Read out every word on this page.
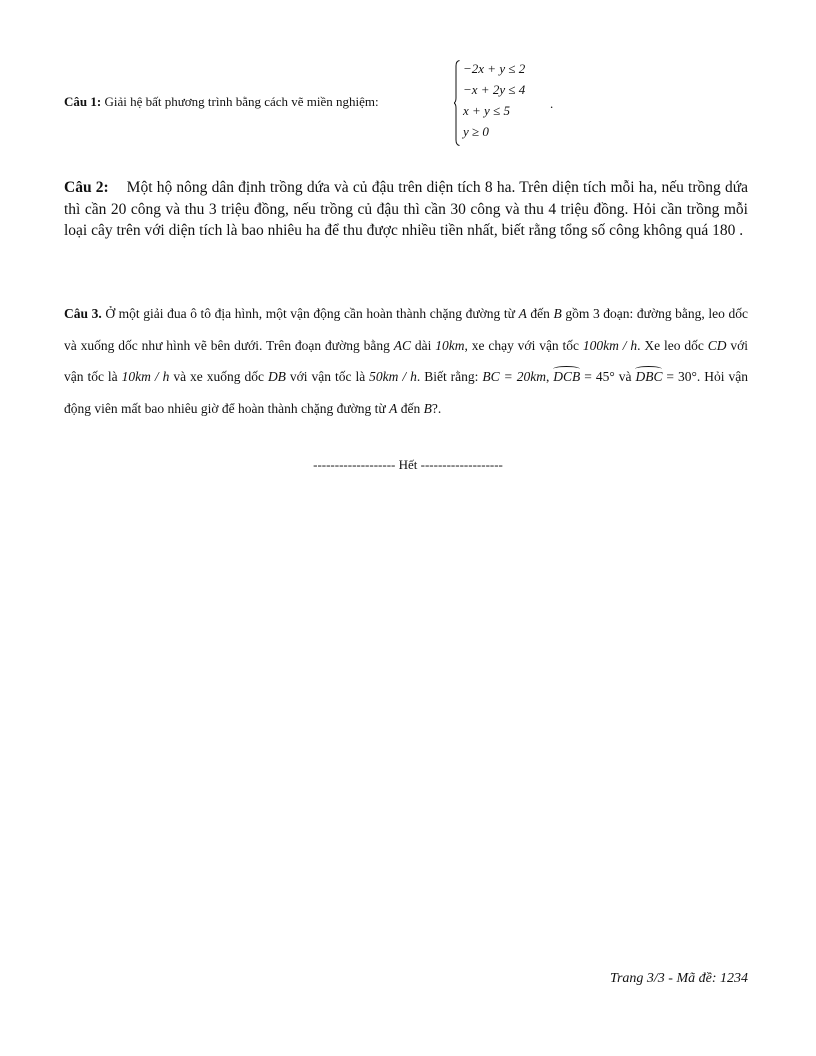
Câu 1: Giải hệ bất phương trình bằng cách vẽ miền nghiệm:
−2x + y ≤ 2
−x + 2y ≤ 4
x + y ≤ 5
y ≥ 0
.
Câu 2: Một hộ nông dân định trồng dứa và củ đậu trên diện tích 8 ha. Trên diện tích mỗi ha, nếu trồng dứa thì cần 20 công và thu 3 triệu đồng, nếu trồng củ đậu thì cần 30 công và thu 4 triệu đồng. Hỏi cần trồng mỗi loại cây trên với diện tích là bao nhiêu ha để thu được nhiều tiền nhất, biết rằng tổng số công không quá 180 .
Câu 3. Ở một giải đua ô tô địa hình, một vận động cần hoàn thành chặng đường từ A đến B gồm 3 đoạn: đường bằng, leo dốc và xuống dốc như hình vẽ bên dưới. Trên đoạn đường bằng AC dài 10km, xe chạy với vận tốc 100km / h. Xe leo dốc CD với vận tốc là 10km / h và xe xuống dốc DB với vận tốc là 50km / h. Biết rằng: BC = 20km, DCB = 45° và DBC = 30°. Hỏi vận động viên mất bao nhiêu giờ để hoàn thành chặng đường từ A đến B?.
------------------- Hết -------------------
Trang 3/3 - Mã đề: 1234
